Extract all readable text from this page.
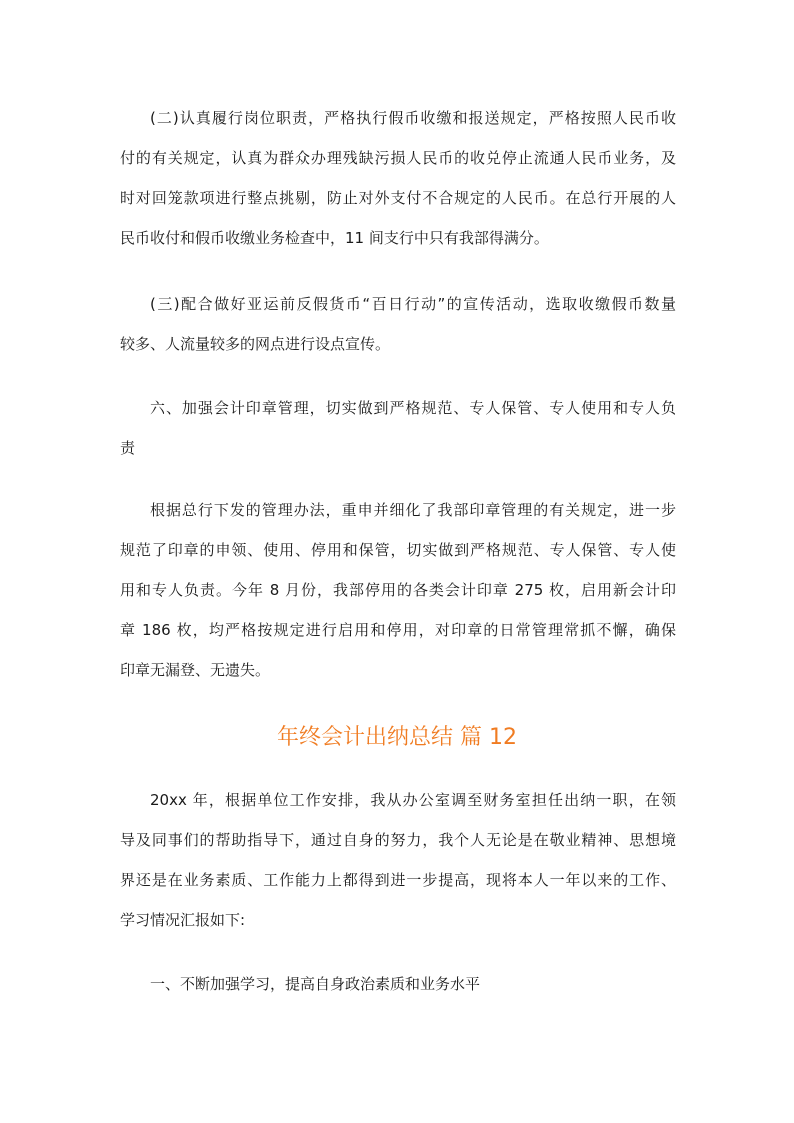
(二)认真履行岗位职责，严格执行假币收缴和报送规定，严格按照人民币收
付的有关规定，认真为群众办理残缺污损人民币的收兑停止流通人民币业务，及
时对回笼款项进行整点挑剔，防止对外支付不合规定的人民币。在总行开展的人
民币收付和假币收缴业务检查中，11 间支行中只有我部得满分。
(三)配合做好亚运前反假货币“百日行动”的宣传活动，选取收缴假币数量
较多、人流量较多的网点进行设点宣传。
六、加强会计印章管理，切实做到严格规范、专人保管、专人使用和专人负
责
根据总行下发的管理办法，重申并细化了我部印章管理的有关规定，进一步
规范了印章的申领、使用、停用和保管，切实做到严格规范、专人保管、专人使
用和专人负责。今年 8 月份，我部停用的各类会计印章 275 枚，启用新会计印
章 186 枚，均严格按规定进行启用和停用，对印章的日常管理常抓不懈，确保
印章无漏登、无遗失。
年终会计出纳总结 篇 12
20xx 年，根据单位工作安排，我从办公室调至财务室担任出纳一职，在领
导及同事们的帮助指导下，通过自身的努力，我个人无论是在敬业精神、思想境
界还是在业务素质、工作能力上都得到进一步提高，现将本人一年以来的工作、
学习情况汇报如下:
一、不断加强学习，提高自身政治素质和业务水平
